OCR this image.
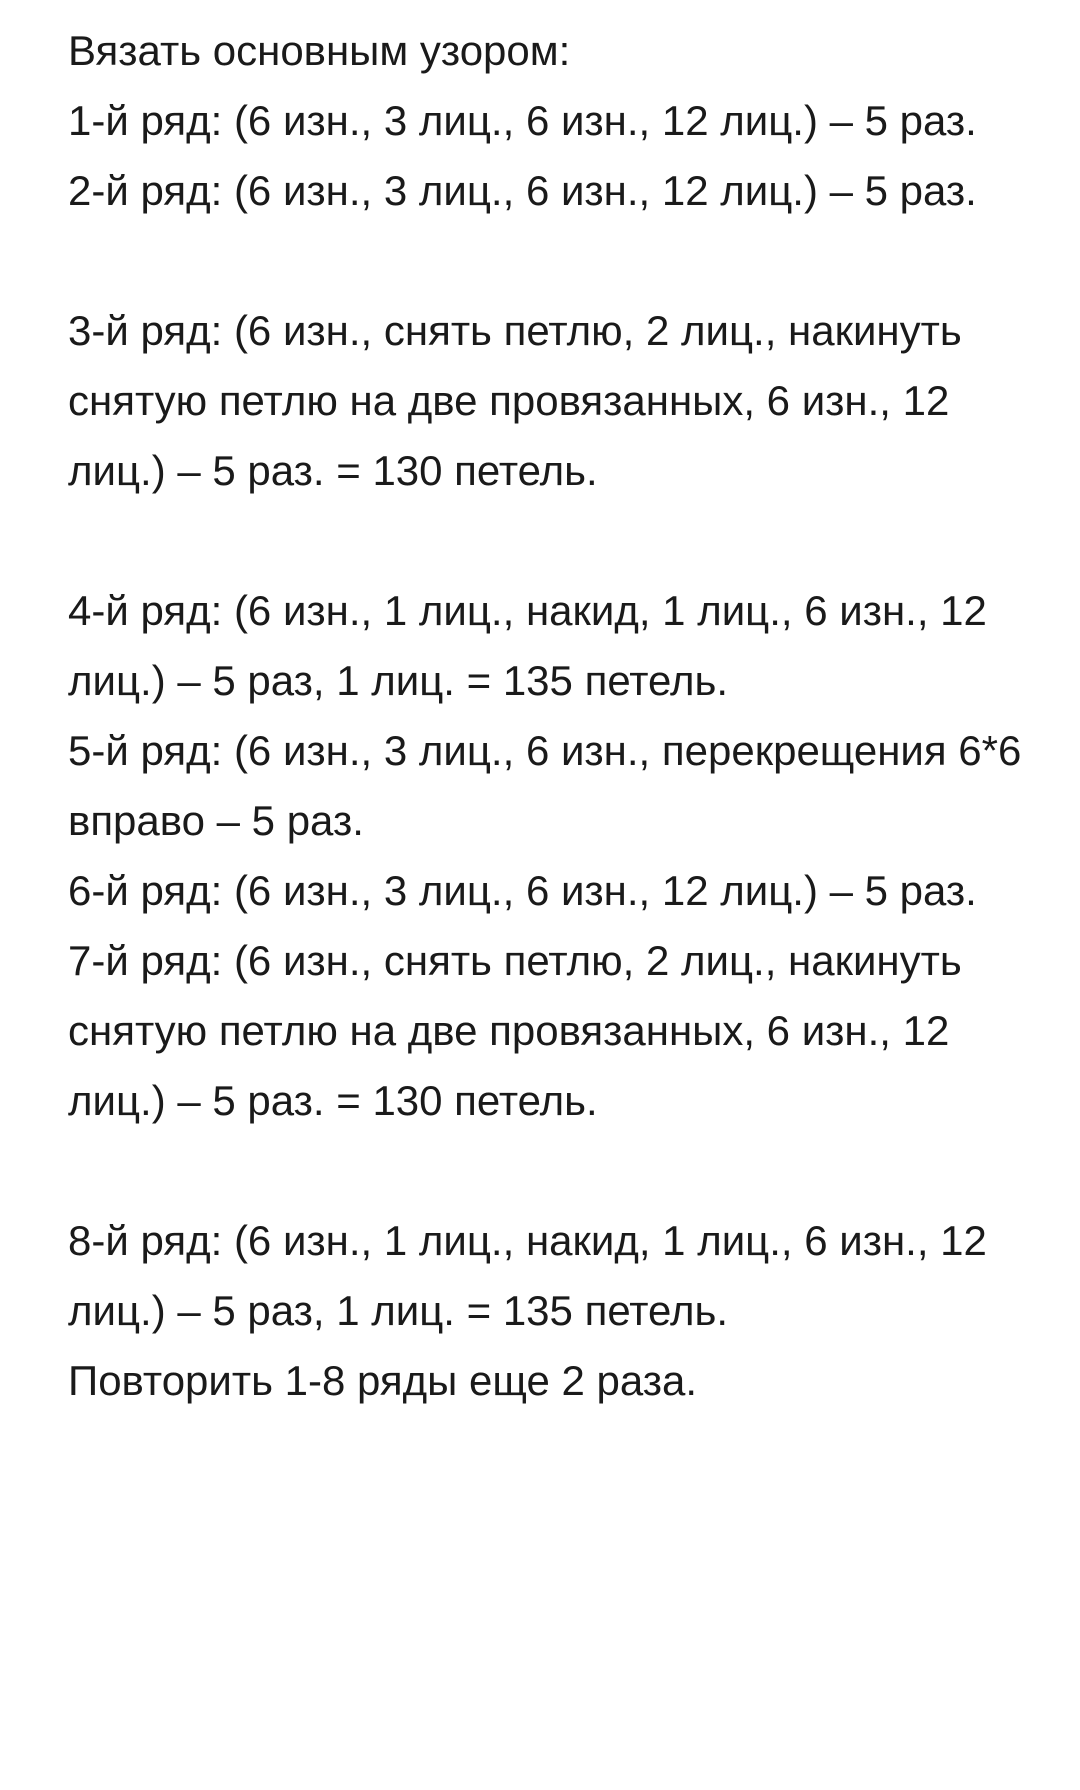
Вязать основным узором:

1-й ряд: (6 изн., 3 лиц., 6 изн., 12 лиц.) – 5 раз.

2-й ряд: (6 изн., 3 лиц., 6 изн., 12 лиц.) – 5 раз.

3-й ряд: (6 изн., снять петлю, 2 лиц., накинуть снятую петлю на две провязанных, 6 изн., 12 лиц.) – 5 раз. = 130 петель.

4-й ряд: (6 изн., 1 лиц., накид, 1 лиц., 6 изн., 12 лиц.) – 5 раз, 1 лиц. = 135 петель.

5-й ряд: (6 изн., 3 лиц., 6 изн., перекрещения 6*6 вправо – 5 раз.

6-й ряд: (6 изн., 3 лиц., 6 изн., 12 лиц.) – 5 раз.

7-й ряд: (6 изн., снять петлю, 2 лиц., накинуть снятую петлю на две провязанных, 6 изн., 12 лиц.) – 5 раз. = 130 петель.

8-й ряд: (6 изн., 1 лиц., накид, 1 лиц., 6 изн., 12 лиц.) – 5 раз, 1 лиц. = 135 петель.

Повторить 1-8 ряды еще 2 раза.
